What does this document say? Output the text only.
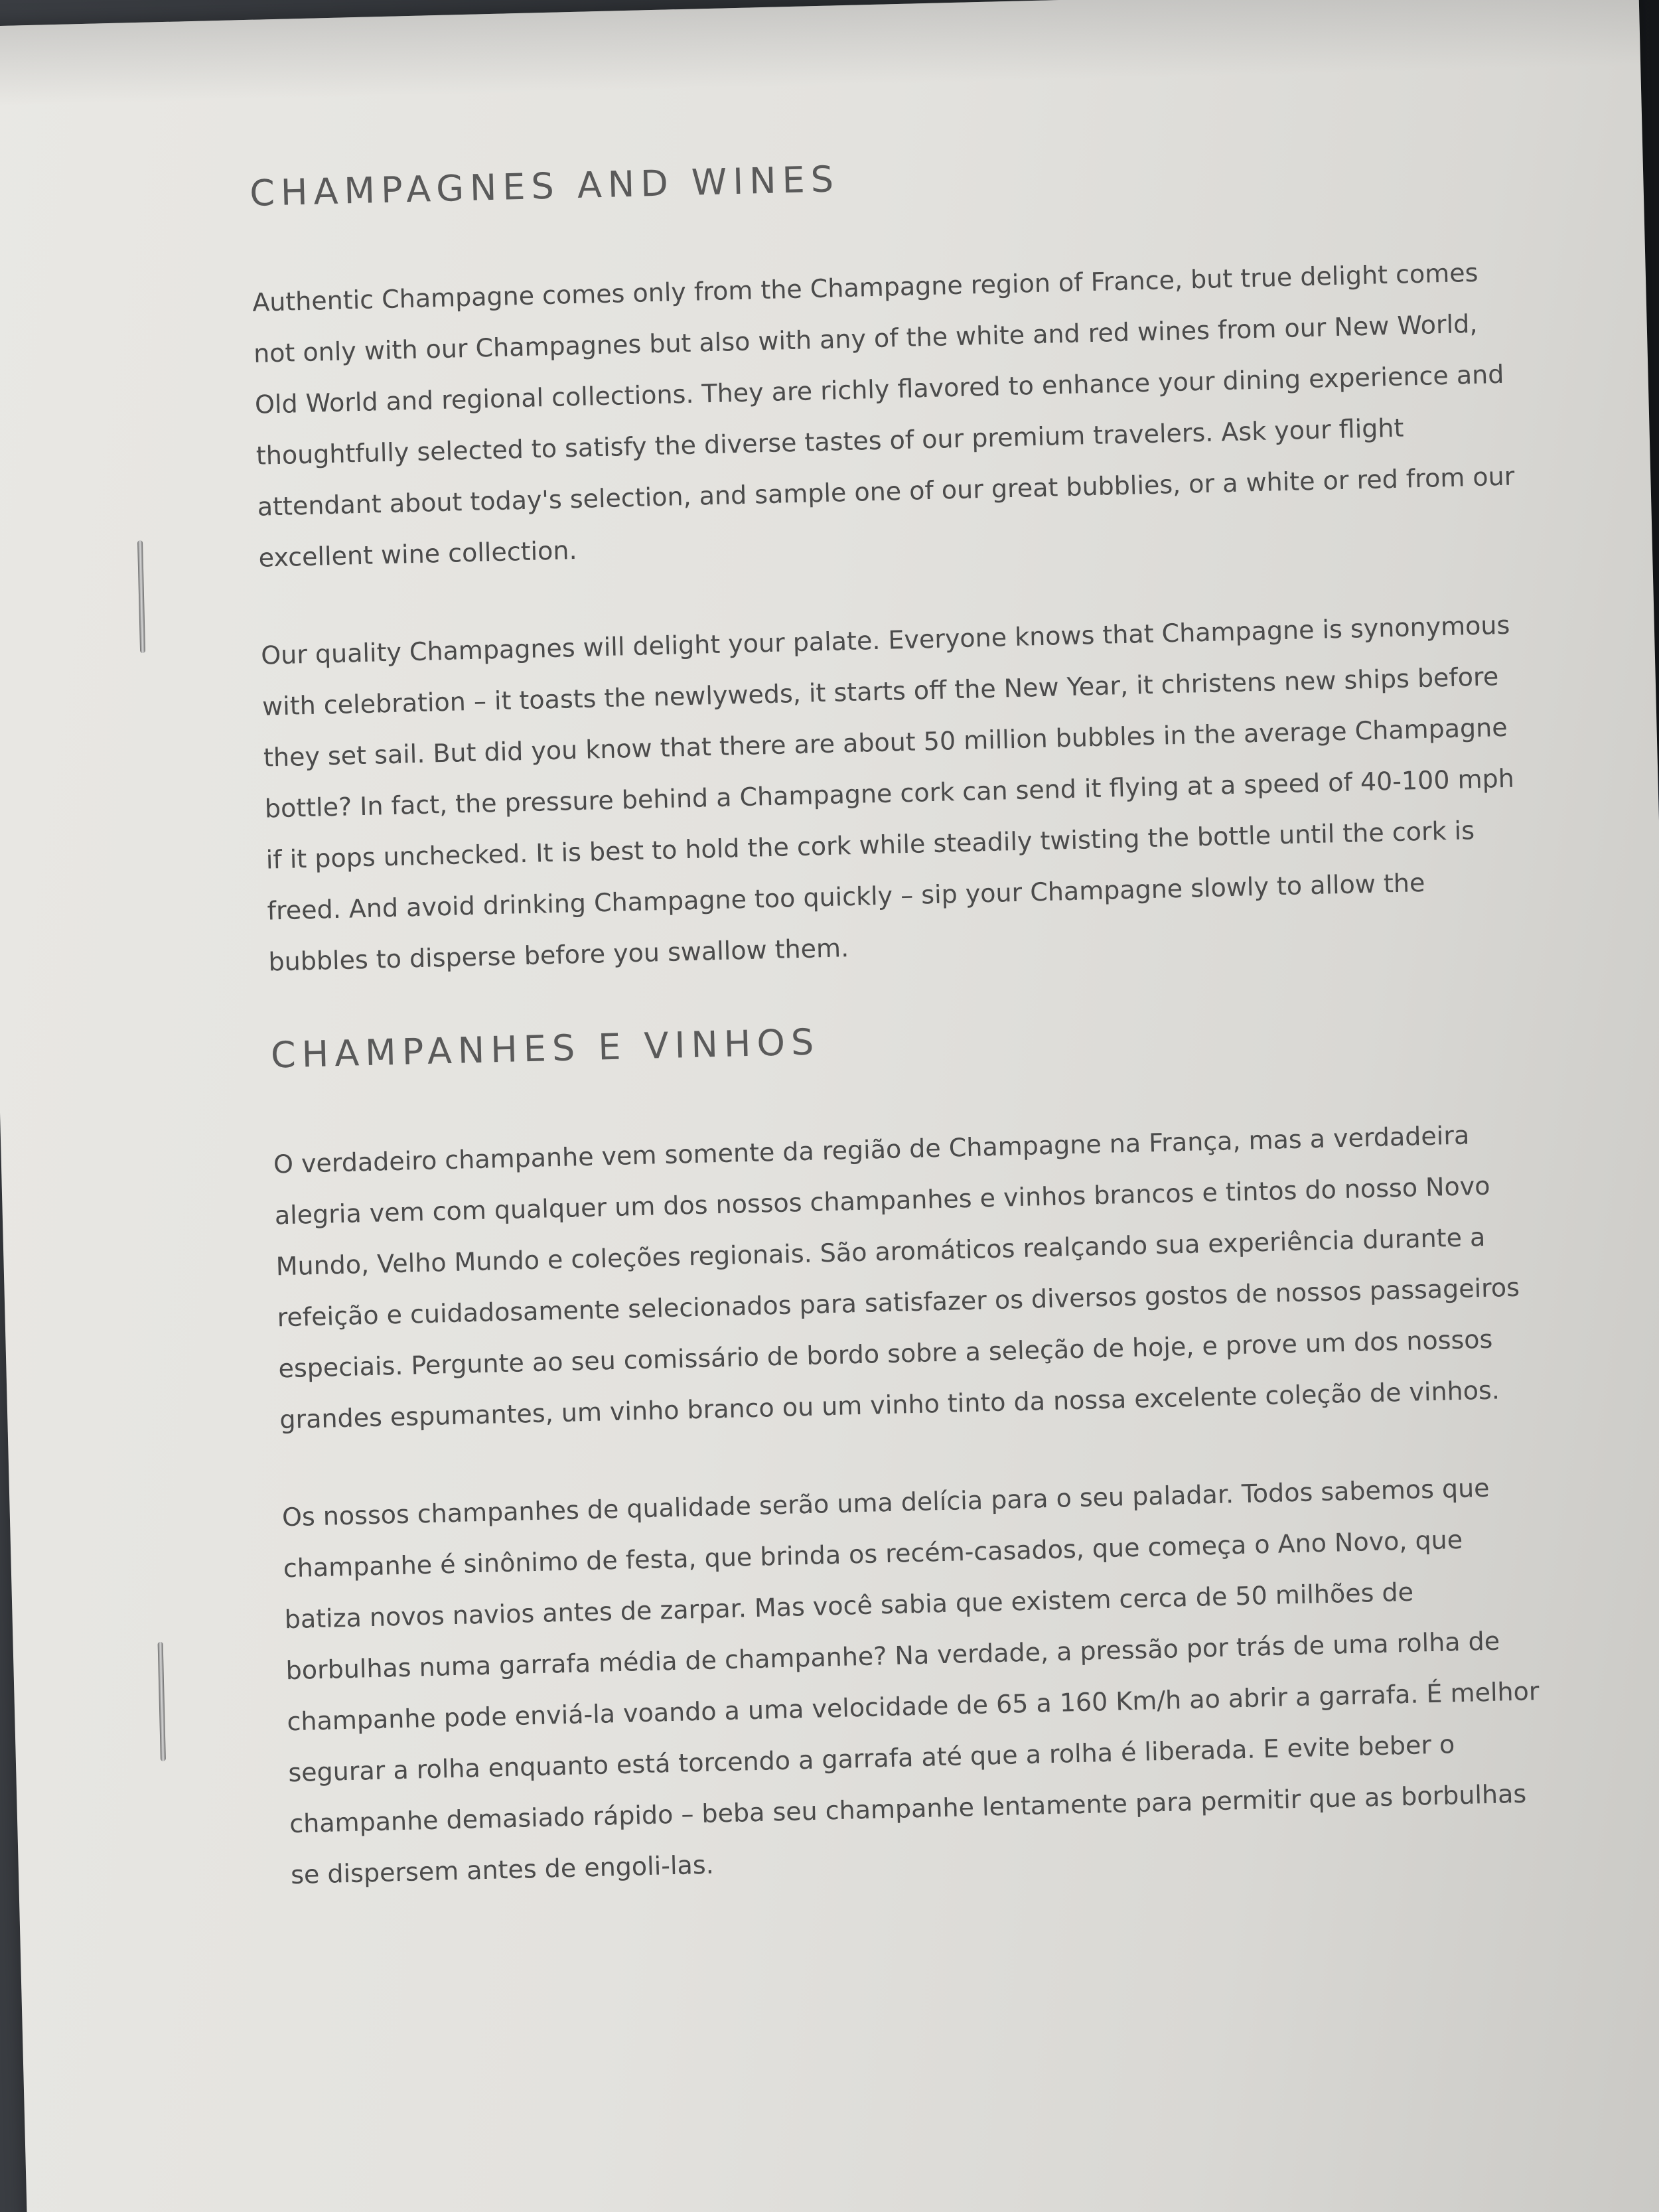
CHAMPAGNES AND WINES

Authentic Champagne comes only from the Champagne region of France, but true delight comes not only with our Champagnes but also with any of the white and red wines from our New World, Old World and regional collections. They are richly flavored to enhance your dining experience and thoughtfully selected to satisfy the diverse tastes of our premium travelers. Ask your flight attendant about today's selection, and sample one of our great bubblies, or a white or red from our excellent wine collection.

Our quality Champagnes will delight your palate. Everyone knows that Champagne is synonymous with celebration – it toasts the newlyweds, it starts off the New Year, it christens new ships before they set sail. But did you know that there are about 50 million bubbles in the average Champagne bottle? In fact, the pressure behind a Champagne cork can send it flying at a speed of 40-100 mph if it pops unchecked. It is best to hold the cork while steadily twisting the bottle until the cork is freed. And avoid drinking Champagne too quickly – sip your Champagne slowly to allow the bubbles to disperse before you swallow them.

CHAMPANHES E VINHOS

O verdadeiro champanhe vem somente da região de Champagne na França, mas a verdadeira alegria vem com qualquer um dos nossos champanhes e vinhos brancos e tintos do nosso Novo Mundo, Velho Mundo e coleções regionais. São aromáticos realçando sua experiência durante a refeição e cuidadosamente selecionados para satisfazer os diversos gostos de nossos passageiros especiais. Pergunte ao seu comissário de bordo sobre a seleção de hoje, e prove um dos nossos grandes espumantes, um vinho branco ou um vinho tinto da nossa excelente coleção de vinhos.

Os nossos champanhes de qualidade serão uma delícia para o seu paladar. Todos sabemos que champanhe é sinônimo de festa, que brinda os recém-casados, que começa o Ano Novo, que batiza novos navios antes de zarpar. Mas você sabia que existem cerca de 50 milhões de borbulhas numa garrafa média de champanhe? Na verdade, a pressão por trás de uma rolha de champanhe pode enviá-la voando a uma velocidade de 65 a 160 Km/h ao abrir a garrafa. É melhor segurar a rolha enquanto está torcendo a garrafa até que a rolha é liberada. E evite beber o champanhe demasiado rápido – beba seu champanhe lentamente para permitir que as borbulhas se dispersem antes de engoli-las.
